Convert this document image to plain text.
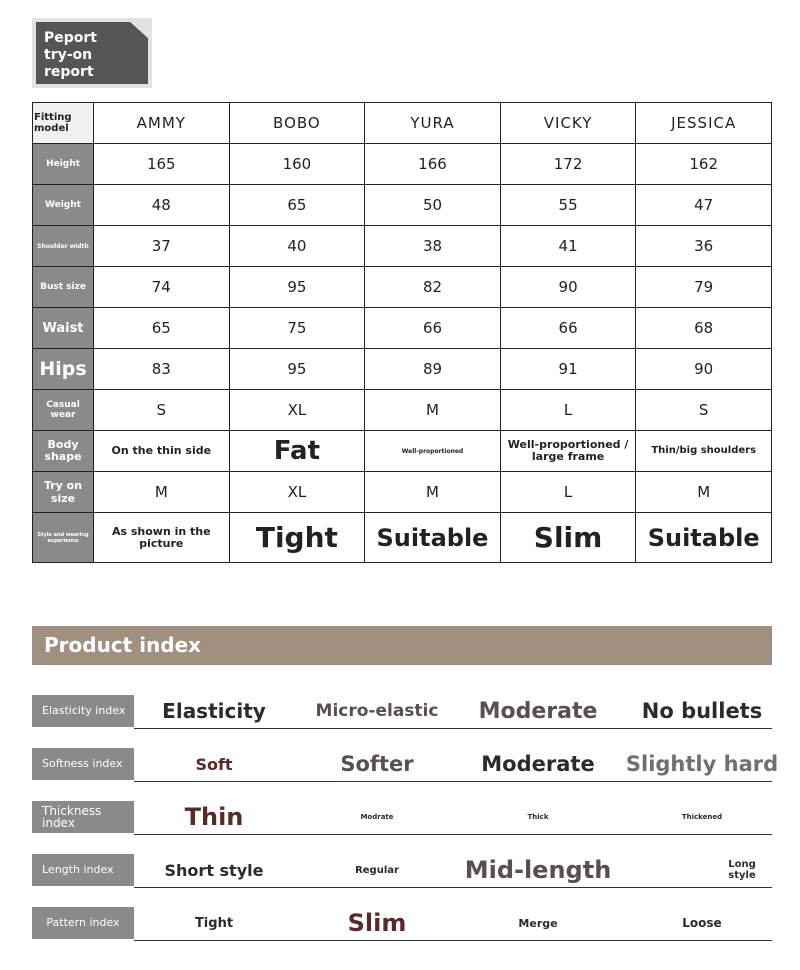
Peport
try-on
report
Fitting model	AMMY	BOBO	YURA	VICKY	JESSICA
Height	165	160	166	172	162
Weight	48	65	50	55	47
Shoulder width	37	40	38	41	36
Bust size	74	95	82	90	79
Waist	65	75	66	66	68
Hips	83	95	89	91	90
Casual wear	S	XL	M	L	S
Body shape	On the thin side	Fat	Well-proportioned	Well-proportioned / large frame	Thin/big shoulders
Try on size	M	XL	M	L	M
Style and wearing experience	As shown in the picture	Tight	Suitable	Slim	Suitable
Product index
Elasticity index	Elasticity	Micro-elastic	Moderate	No bullets
Softness index	Soft	Softer	Moderate	Slightly hard
Thickness index	Thin	Modrate	Thick	Thickened
Length index	Short style	Regular	Mid-length	Long style
Pattern index	Tight	Slim	Merge	Loose
